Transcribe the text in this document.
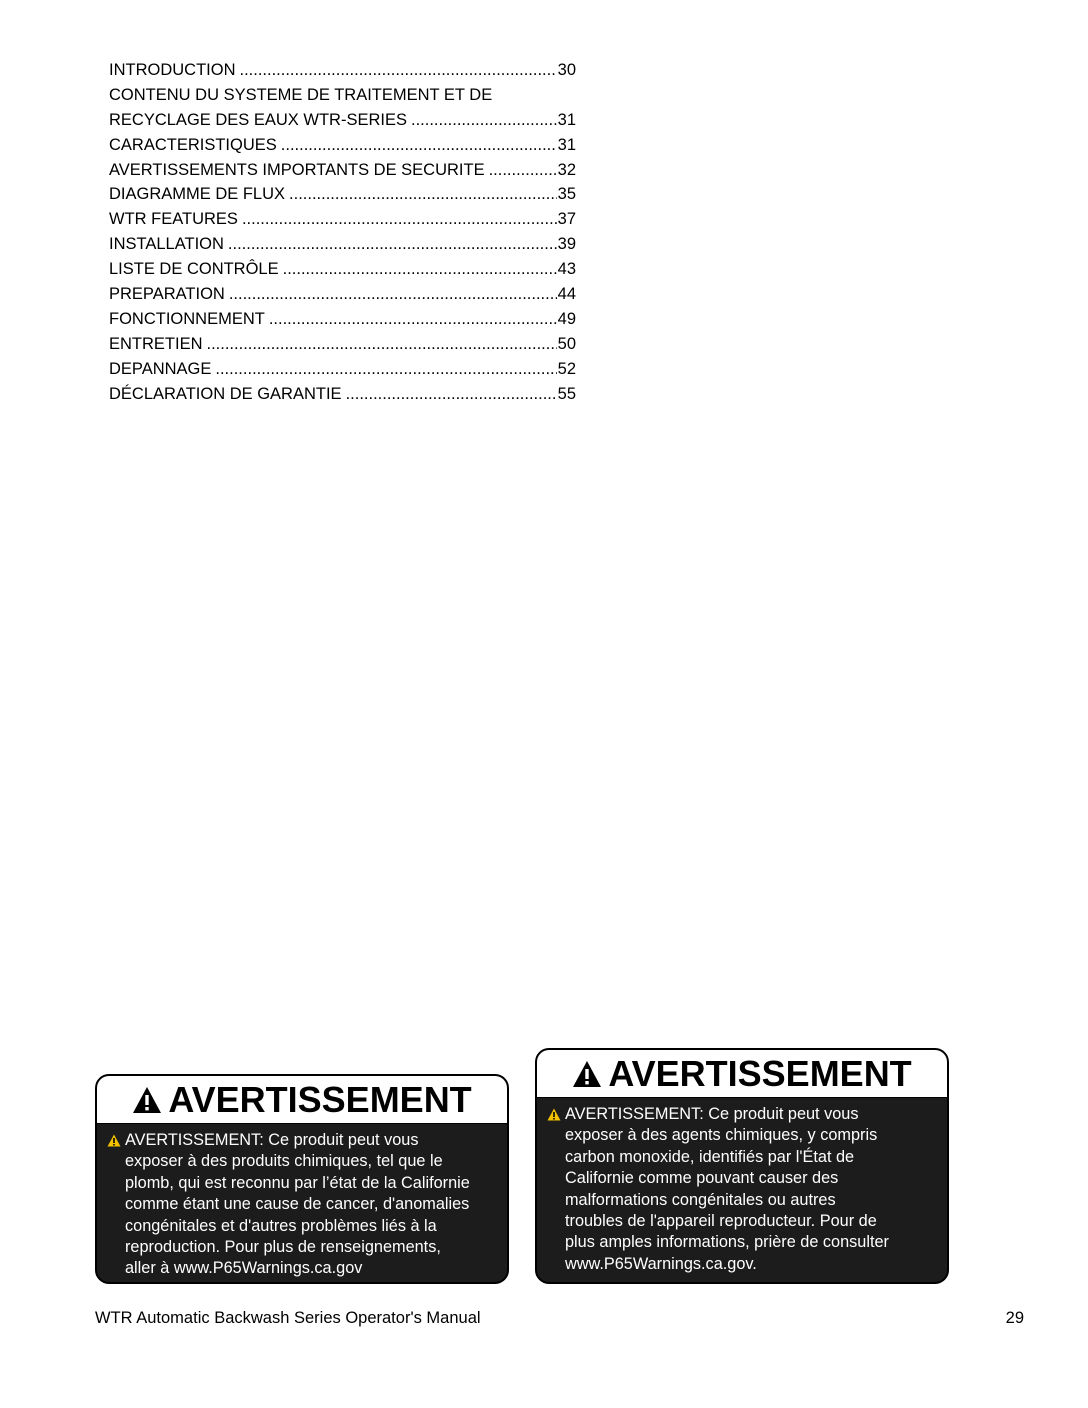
INTRODUCTION .....	30
CONTENU DU SYSTEME DE TRAITEMENT ET DE
RECYCLAGE DES EAUX WTR-SERIES .....	31
CARACTERISTIQUES .....	31
AVERTISSEMENTS IMPORTANTS DE SECURITE .....	32
DIAGRAMME DE FLUX .....	35
WTR FEATURES .....	37
INSTALLATION .....	39
LISTE DE CONTRÔLE .....	43
PREPARATION .....	44
FONCTIONNEMENT .....	49
ENTRETIEN .....	50
DEPANNAGE .....	52
DÉCLARATION DE GARANTIE .....	55
AVERTISSEMENT
AVERTISSEMENT: Ce produit peut vous
exposer à des produits chimiques, tel que le
plomb, qui est reconnu par l’état de la Californie
comme étant une cause de cancer, d'anomalies
congénitales et d'autres problèmes liés à la
reproduction. Pour plus de renseignements,
aller à www.P65Warnings.ca.gov
AVERTISSEMENT
AVERTISSEMENT: Ce produit peut vous
exposer à des agents chimiques, y compris
carbon monoxide, identifiés par l'État de
Californie comme pouvant causer des
malformations congénitales ou autres
troubles de l'appareil reproducteur. Pour de
plus amples informations, prière de consulter
www.P65Warnings.ca.gov.
WTR Automatic Backwash Series Operator's Manual	29
